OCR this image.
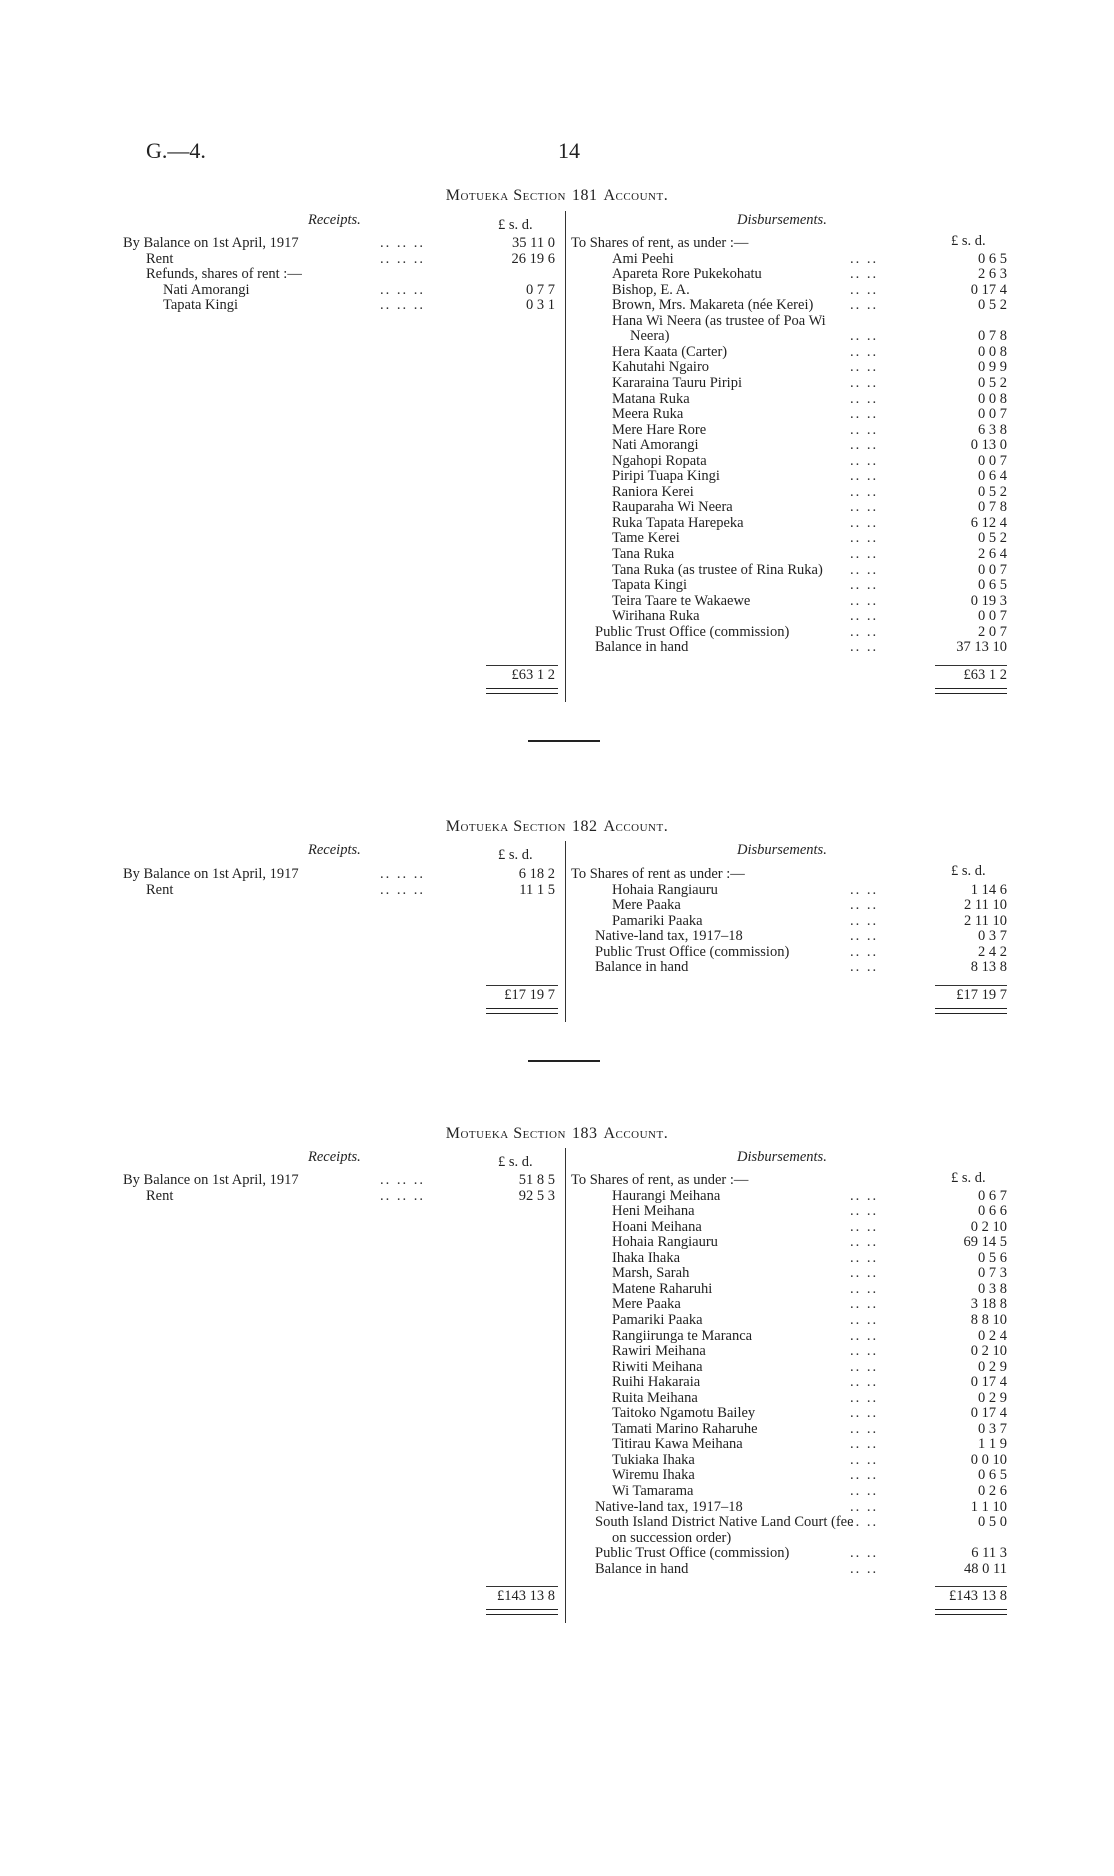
G.—4.	14
Motueka Section 181 Account.
Receipts.	Disbursements.
£ s. d.
£ s. d.
By Balance on 1st April, 1917	.. .. ..	35 11 0
Rent	.. .. ..	26 19 6
Refunds, shares of rent :—
Nati Amorangi	.. .. ..	0 7 7
Tapata Kingi	.. .. ..	0 3 1
To Shares of rent, as under :—
Ami Peehi	.. ..	0 6 5
Apareta Rore Pukekohatu	.. ..	2 6 3
Bishop, E. A.	.. ..	0 17 4
Brown, Mrs. Makareta (née Kerei)	.. ..	0 5 2
Hana Wi Neera (as trustee of Poa Wi
Neera)	.. ..	0 7 8
Hera Kaata (Carter)	.. ..	0 0 8
Kahutahi Ngairo	.. ..	0 9 9
Kararaina Tauru Piripi	.. ..	0 5 2
Matana Ruka	.. ..	0 0 8
Meera Ruka	.. ..	0 0 7
Mere Hare Rore	.. ..	6 3 8
Nati Amorangi	.. ..	0 13 0
Ngahopi Ropata	.. ..	0 0 7
Piripi Tuapa Kingi	.. ..	0 6 4
Raniora Kerei	.. ..	0 5 2
Rauparaha Wi Neera	.. ..	0 7 8
Ruka Tapata Harepeka	.. ..	6 12 4
Tame Kerei	.. ..	0 5 2
Tana Ruka	.. ..	2 6 4
Tana Ruka (as trustee of Rina Ruka) .. ..	0 0 7
Tapata Kingi	.. ..	0 6 5
Teira Taare te Wakaewe	.. ..	0 19 3
Wirihana Ruka	.. ..	0 0 7
Public Trust Office (commission)	.. ..	2 0 7
Balance in hand	.. ..	37 13 10
£63 1 2	£63 1 2
Motueka Section 182 Account.
Receipts.	Disbursements.
£ s. d.
£ s. d.
By Balance on 1st April, 1917	.. .. ..	6 18 2
Rent	.. .. ..	11 1 5
To Shares of rent as under :—
Hohaia Rangiauru	.. ..	1 14 6
Mere Paaka	.. ..	2 11 10
Pamariki Paaka	.. ..	2 11 10
Native-land tax, 1917–18	.. ..	0 3 7
Public Trust Office (commission)	.. ..	2 4 2
Balance in hand	.. ..	8 13 8
£17 19 7	£17 19 7
Motueka Section 183 Account.
Receipts.	Disbursements.
£ s. d.
£ s. d.
By Balance on 1st April, 1917	.. .. ..	51 8 5
Rent	.. .. ..	92 5 3
To Shares of rent, as under :—
Haurangi Meihana	.. ..	0 6 7
Heni Meihana	.. ..	0 6 6
Hoani Meihana	.. ..	0 2 10
Hohaia Rangiauru	.. ..	69 14 5
Ihaka Ihaka	.. ..	0 5 6
Marsh, Sarah	.. ..	0 7 3
Matene Raharuhi	.. ..	0 3 8
Mere Paaka	.. ..	3 18 8
Pamariki Paaka	.. ..	8 8 10
Rangiirunga te Maranca	.. ..	0 2 4
Rawiri Meihana	.. ..	0 2 10
Riwiti Meihana	.. ..	0 2 9
Ruihi Hakaraia	.. ..	0 17 4
Ruita Meihana	.. ..	0 2 9
Taitoko Ngamotu Bailey	.. ..	0 17 4
Tamati Marino Raharuhe	.. ..	0 3 7
Titirau Kawa Meihana	.. ..	1 1 9
Tukiaka Ihaka	.. ..	0 0 10
Wiremu Ihaka	.. ..	0 6 5
Wi Tamarama	.. ..	0 2 6
Native-land tax, 1917–18	.. ..	1 1 10
South Island District Native Land Court (fee
.. ..	0 5 0
on succession order)
Public Trust Office (commission)	.. ..	6 11 3
Balance in hand	.. ..	48 0 11
£143 13 8	£143 13 8
